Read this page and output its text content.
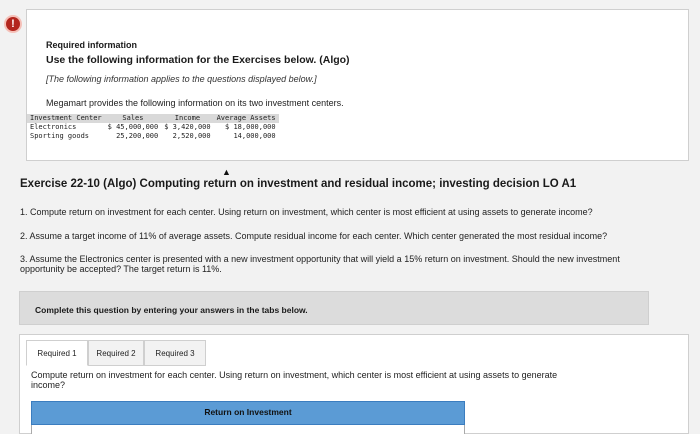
!
Required information
Use the following information for the Exercises below. (Algo)
[The following information applies to the questions displayed below.]
Megamart provides the following information on its two investment centers.
Investment Center	Sales	Income	Average Assets
Electronics	$ 45,000,000	$ 3,420,000	$ 18,000,000
Sporting goods	25,200,000	2,520,000	14,000,000
▲
Exercise 22-10 (Algo) Computing return on investment and residual income; investing decision LO A1
1. Compute return on investment for each center. Using return on investment, which center is most efficient at using assets to generate income?
2. Assume a target income of 11% of average assets. Compute residual income for each center. Which center generated the most residual income?
3. Assume the Electronics center is presented with a new investment opportunity that will yield a 15% return on investment. Should the new investment opportunity be accepted? The target return is 11%.
Complete this question by entering your answers in the tabs below.
Required 1	Required 2	Required 3
Compute return on investment for each center. Using return on investment, which center is most efficient at using assets to generate income?
Return on Investment
